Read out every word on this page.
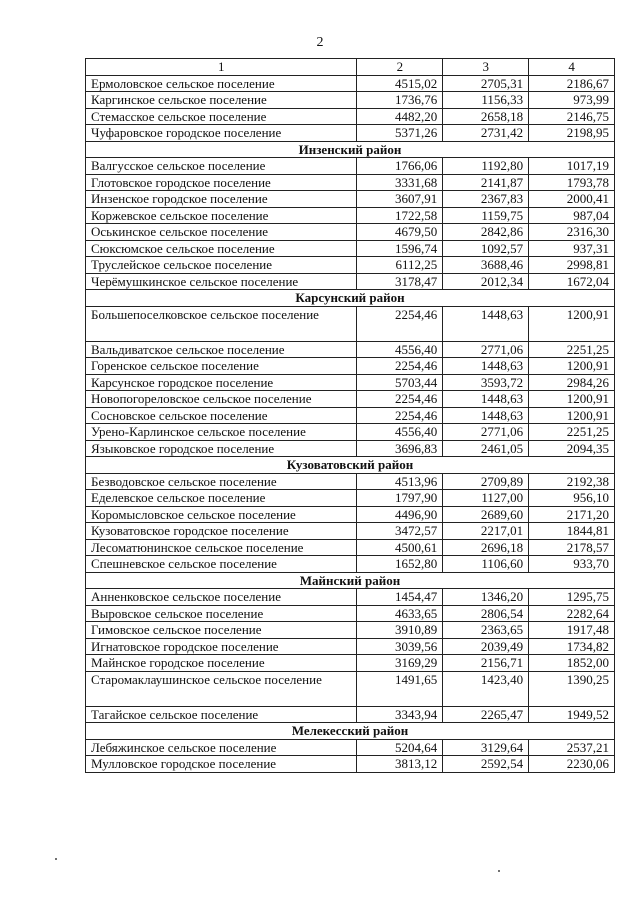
2
1	2	3	4
Ермоловское сельское поселение	4515,02	2705,31	2186,67
Каргинское сельское поселение	1736,76	1156,33	973,99
Стемасское сельское поселение	4482,20	2658,18	2146,75
Чуфаровское городское поселение	5371,26	2731,42	2198,95
Инзенский район			
Валгусское сельское поселение	1766,06	1192,80	1017,19
Глотовское городское поселение	3331,68	2141,87	1793,78
Инзенское городское поселение	3607,91	2367,83	2000,41
Коржевское сельское поселение	1722,58	1159,75	987,04
Оськинское сельское поселение	4679,50	2842,86	2316,30
Сюксюмское сельское поселение	1596,74	1092,57	937,31
Труслейское сельское поселение	6112,25	3688,46	2998,81
Черёмушкинское сельское поселение	3178,47	2012,34	1672,04
Карсунский район			
Большепоселковское сельское поселение	2254,46	1448,63	1200,91
Вальдиватское сельское поселение	4556,40	2771,06	2251,25
Горенское сельское поселение	2254,46	1448,63	1200,91
Карсунское городское поселение	5703,44	3593,72	2984,26
Новопогореловское сельское поселение	2254,46	1448,63	1200,91
Сосновское сельское поселение	2254,46	1448,63	1200,91
Урено-Карлинское сельское поселение	4556,40	2771,06	2251,25
Языковское городское поселение	3696,83	2461,05	2094,35
Кузоватовский район			
Безводовское сельское поселение	4513,96	2709,89	2192,38
Еделевское сельское поселение	1797,90	1127,00	956,10
Коромысловское сельское поселение	4496,90	2689,60	2171,20
Кузоватовское городское поселение	3472,57	2217,01	1844,81
Лесоматюнинское сельское поселение	4500,61	2696,18	2178,57
Спешневское сельское поселение	1652,80	1106,60	933,70
Майнский район			
Анненковское сельское поселение	1454,47	1346,20	1295,75
Выровское сельское поселение	4633,65	2806,54	2282,64
Гимовское сельское поселение	3910,89	2363,65	1917,48
Игнатовское городское поселение	3039,56	2039,49	1734,82
Майнское городское поселение	3169,29	2156,71	1852,00
Старомаклаушинское сельское поселение	1491,65	1423,40	1390,25
Тагайское сельское поселение	3343,94	2265,47	1949,52
Мелекесский район			
Лебяжинское сельское поселение	5204,64	3129,64	2537,21
Мулловское городское поселение	3813,12	2592,54	2230,06
